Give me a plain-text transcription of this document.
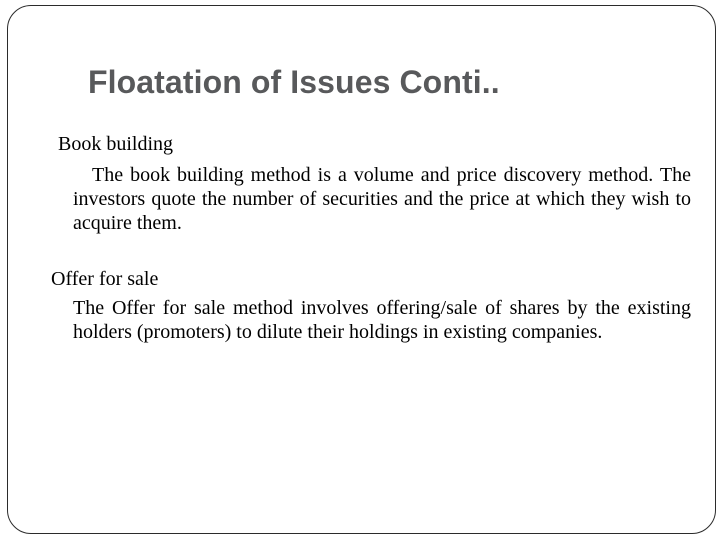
Floatation of Issues Conti..
Book building

The book building method is a volume and price discovery method. The investors quote the number of securities and the price at which they wish to acquire them.

Offer for sale

The Offer for sale method involves offering/sale of shares by the existing holders (promoters) to dilute their holdings in existing companies.
